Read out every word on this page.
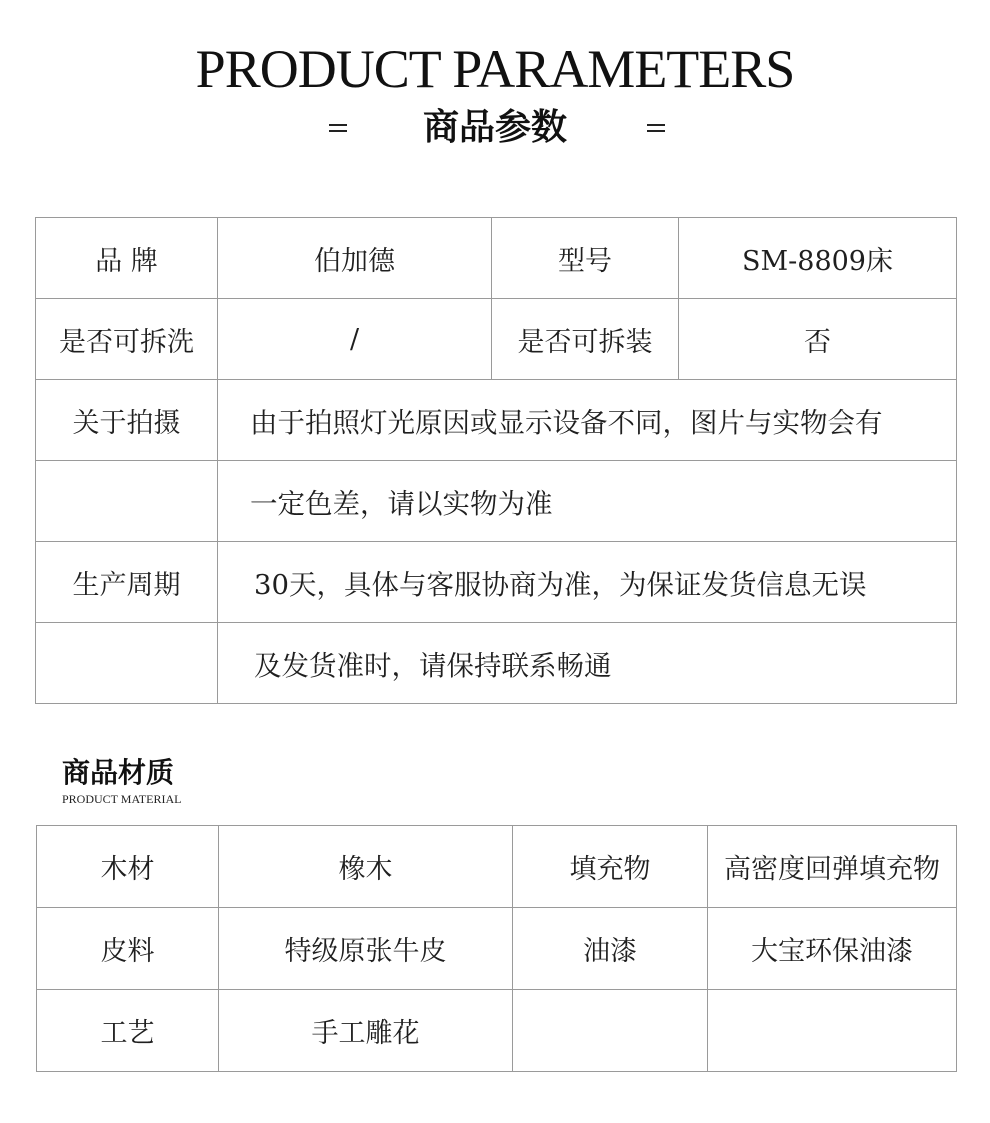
PRODUCT PARAMETERS
商品参数
品 牌	伯加德	型号	SM-8809床
是否可拆洗	/	是否可拆装	否
关于拍摄	由于拍照灯光原因或显示设备不同，图片与实物会有		
	一定色差，请以实物为准		
生产周期	30天，具体与客服协商为准，为保证发货信息无误		
	及发货准时，请保持联系畅通		
商品材质
PRODUCT MATERIAL
木材	橡木	填充物	高密度回弹填充物
皮料	特级原张牛皮	油漆	大宝环保油漆
工艺	手工雕花		
